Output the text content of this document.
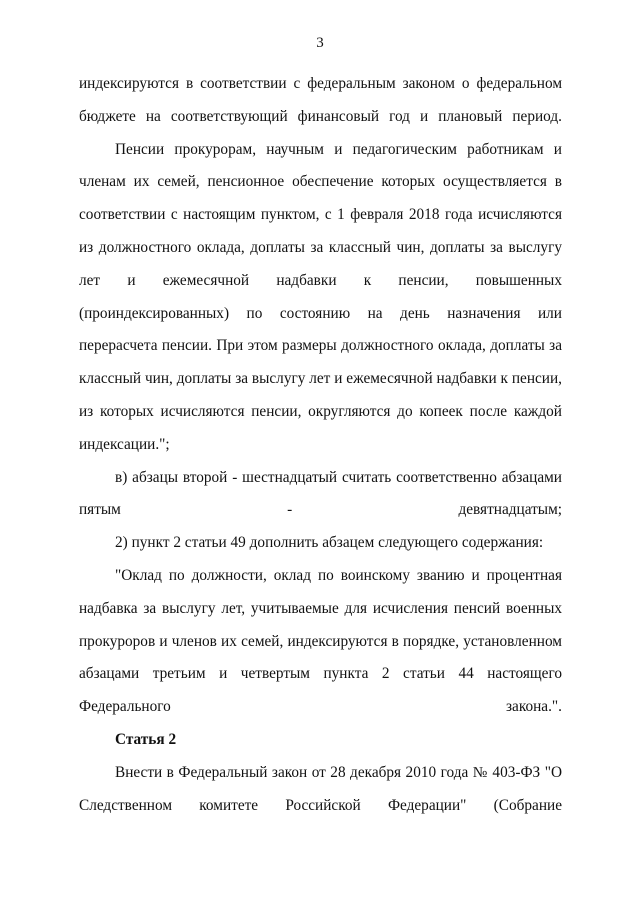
3

индексируются в соответствии с федеральным законом о федеральном бюджете на соответствующий финансовый год и плановый период.

Пенсии прокурорам, научным и педагогическим работникам и членам их семей, пенсионное обеспечение которых осуществляется в соответствии с настоящим пунктом, с 1 февраля 2018 года исчисляются из должностного оклада, доплаты за классный чин, доплаты за выслугу лет и ежемесячной надбавки к пенсии, повышенных (проиндексированных) по состоянию на день назначения или перерасчета пенсии. При этом размеры должностного оклада, доплаты за классный чин, доплаты за выслугу лет и ежемесячной надбавки к пенсии, из которых исчисляются пенсии, округляются до копеек после каждой индексации.";

в) абзацы второй - шестнадцатый считать соответственно абзацами пятым - девятнадцатым;

2) пункт 2 статьи 49 дополнить абзацем следующего содержания:

"Оклад по должности, оклад по воинскому званию и процентная надбавка за выслугу лет, учитываемые для исчисления пенсий военных прокуроров и членов их семей, индексируются в порядке, установленном абзацами третьим и четвертым пункта 2 статьи 44 настоящего Федерального закона.".

Статья 2

Внести в Федеральный закон от 28 декабря 2010 года № 403-ФЗ "О Следственном комитете Российской Федерации" (Собрание
